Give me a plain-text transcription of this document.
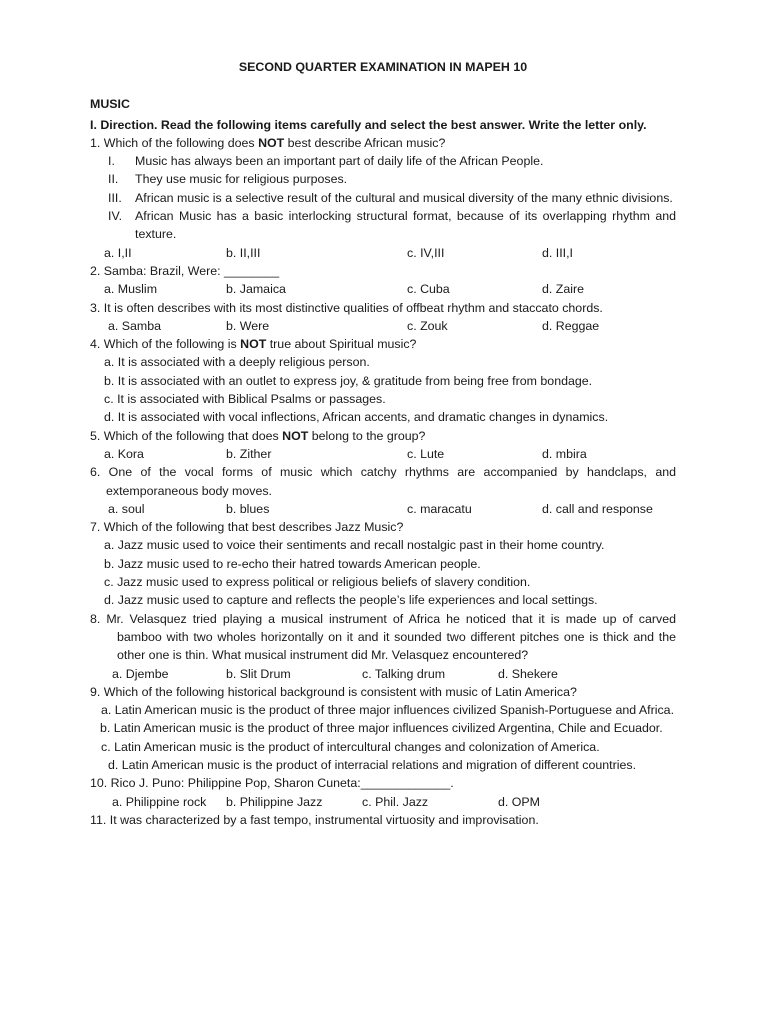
SECOND QUARTER EXAMINATION IN MAPEH 10
MUSIC
I. Direction. Read the following items carefully and select the best answer. Write the letter only.
1. Which of the following does NOT best describe African music?
I.	Music has always been an important part of daily life of the African People.
II.	They use music for religious purposes.
III.	African music is a selective result of the cultural and musical diversity of the many ethnic divisions.
IV.	African Music has a basic interlocking structural format, because of its overlapping rhythm and texture.
a. I,II	b. II,III	c. IV,III	d. III,I
2. Samba: Brazil, Were: ________
a. Muslim	b. Jamaica	c. Cuba	d. Zaire
3. It is often describes with its most distinctive qualities of offbeat rhythm and staccato chords.
a. Samba	b. Were	c. Zouk	d. Reggae
4. Which of the following is NOT true about Spiritual music?
a. It is associated with a deeply religious person.
b. It is associated with an outlet to express joy, & gratitude from being free from bondage.
c. It is associated with Biblical Psalms or passages.
d. It is associated with vocal inflections, African accents, and dramatic changes in dynamics.
5. Which of the following that does NOT belong to the group?
a. Kora	b. Zither	c. Lute	d. mbira
6. One of the vocal forms of music which catchy rhythms are accompanied by handclaps, and extemporaneous body moves.
a. soul	b. blues	c. maracatu	d. call and response
7. Which of the following that best describes Jazz Music?
a. Jazz music used to voice their sentiments and recall nostalgic past in their home country.
b. Jazz music used to re-echo their hatred towards American people.
c. Jazz music used to express political or religious beliefs of slavery condition.
d. Jazz music used to capture and reflects the people’s life experiences and local settings.
8. Mr. Velasquez tried playing a musical instrument of Africa he noticed that it is made up of carved bamboo with two wholes horizontally on it and it sounded two different pitches one is thick and the other one is thin. What musical instrument did Mr. Velasquez encountered?
a. Djembe	b. Slit Drum	c. Talking drum	d. Shekere
9. Which of the following historical background is consistent with music of Latin America?
a. Latin American music is the product of three major influences civilized Spanish-Portuguese and Africa.
b. Latin American music is the product of three major influences civilized Argentina, Chile and Ecuador.
c. Latin American music is the product of intercultural changes and colonization of America.
d. Latin American music is the product of interracial relations and migration of different countries.
10. Rico J. Puno: Philippine Pop, Sharon Cuneta:_____________.
a. Philippine rock b. Philippine Jazz	c. Phil. Jazz	d. OPM
11. It was characterized by a fast tempo, instrumental virtuosity and improvisation.
